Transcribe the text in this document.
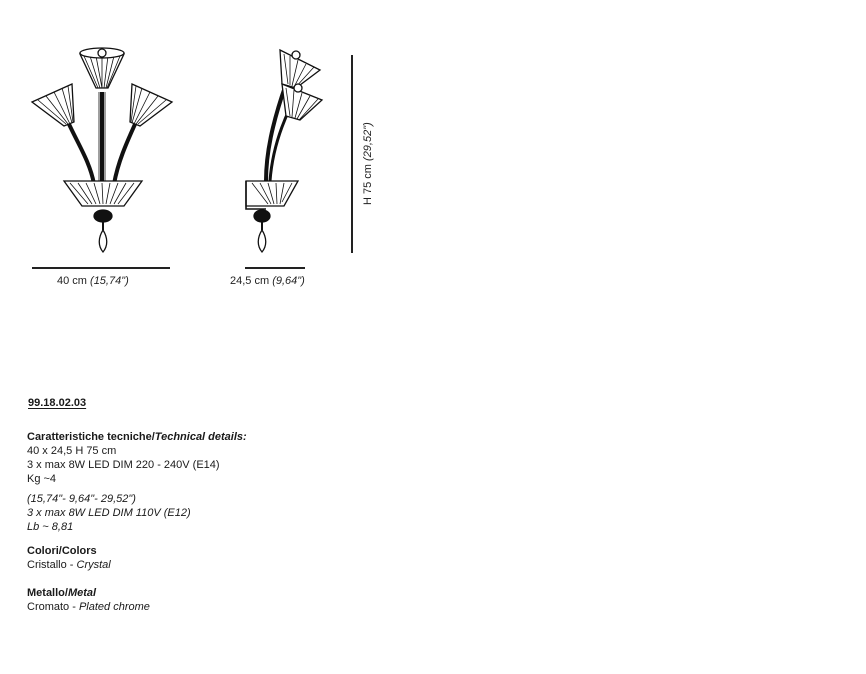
40 cm (15,74")	24,5 cm (9,64")
H 75 cm (29,52")
99.18.02.03
Caratteristiche tecniche/Technical details:
40 x 24,5 H 75 cm
3 x max 8W LED DIM 220 - 240V (E14)
Kg ~4
(15,74"- 9,64"- 29,52")
3 x max 8W LED DIM 110V (E12)
Lb ~ 8,81
Colori/Colors
Cristallo - Crystal
Metallo/Metal
Cromato - Plated chrome
